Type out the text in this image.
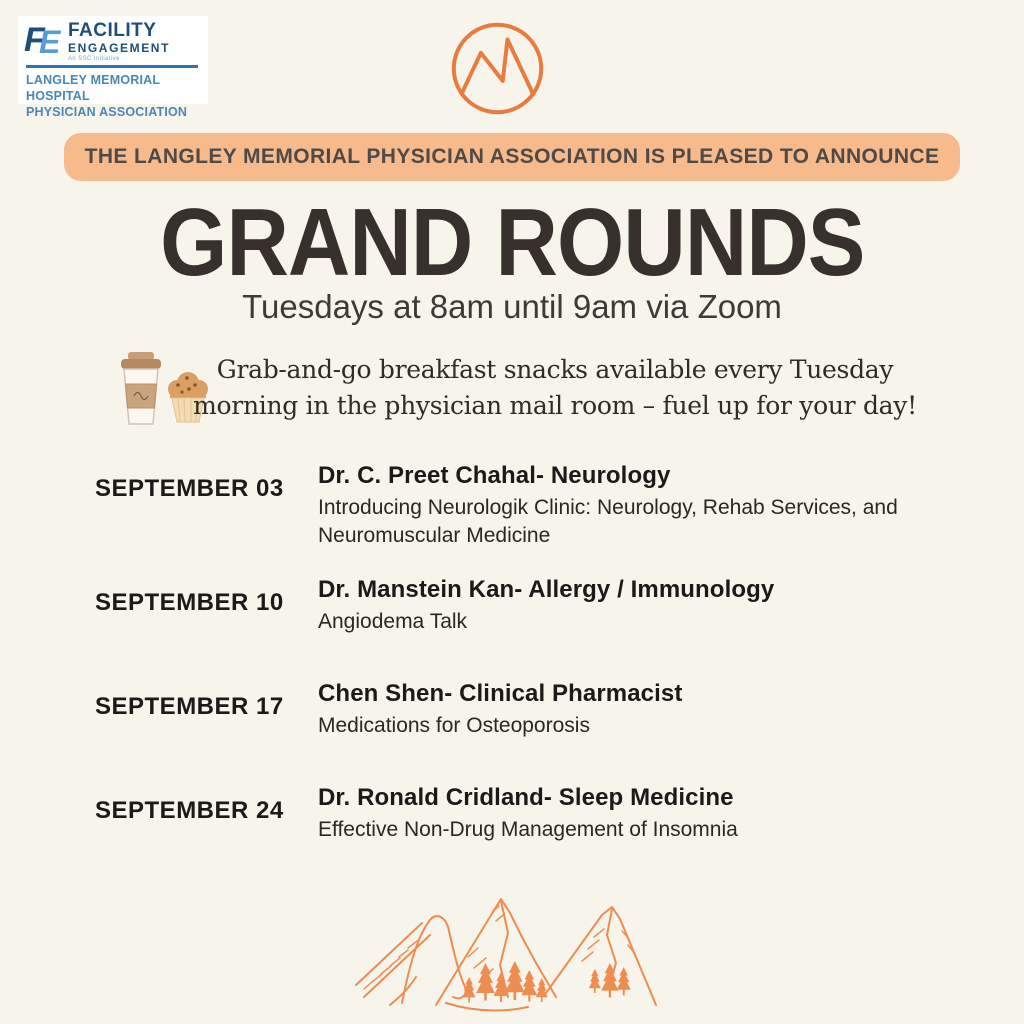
F
E FACILITY
ENGAGEMENT
An SSC Initiative
LANGLEY MEMORIAL HOSPITAL
PHYSICIAN ASSOCIATION
THE LANGLEY MEMORIAL PHYSICIAN ASSOCIATION IS PLEASED TO ANNOUNCE
GRAND ROUNDS
Tuesdays at 8am until 9am via Zoom
Grab-and-go breakfast snacks available every Tuesday
morning in the physician mail room – fuel up for your day!
SEPTEMBER 03	Dr. C. Preet Chahal- Neurology
Introducing Neurologik Clinic: Neurology, Rehab Services, and Neuromuscular Medicine
SEPTEMBER 10	Dr. Manstein Kan- Allergy / Immunology
Angiodema Talk
SEPTEMBER 17	Chen Shen- Clinical Pharmacist
Medications for Osteoporosis
SEPTEMBER 24	Dr. Ronald Cridland- Sleep Medicine
Effective Non-Drug Management of Insomnia
